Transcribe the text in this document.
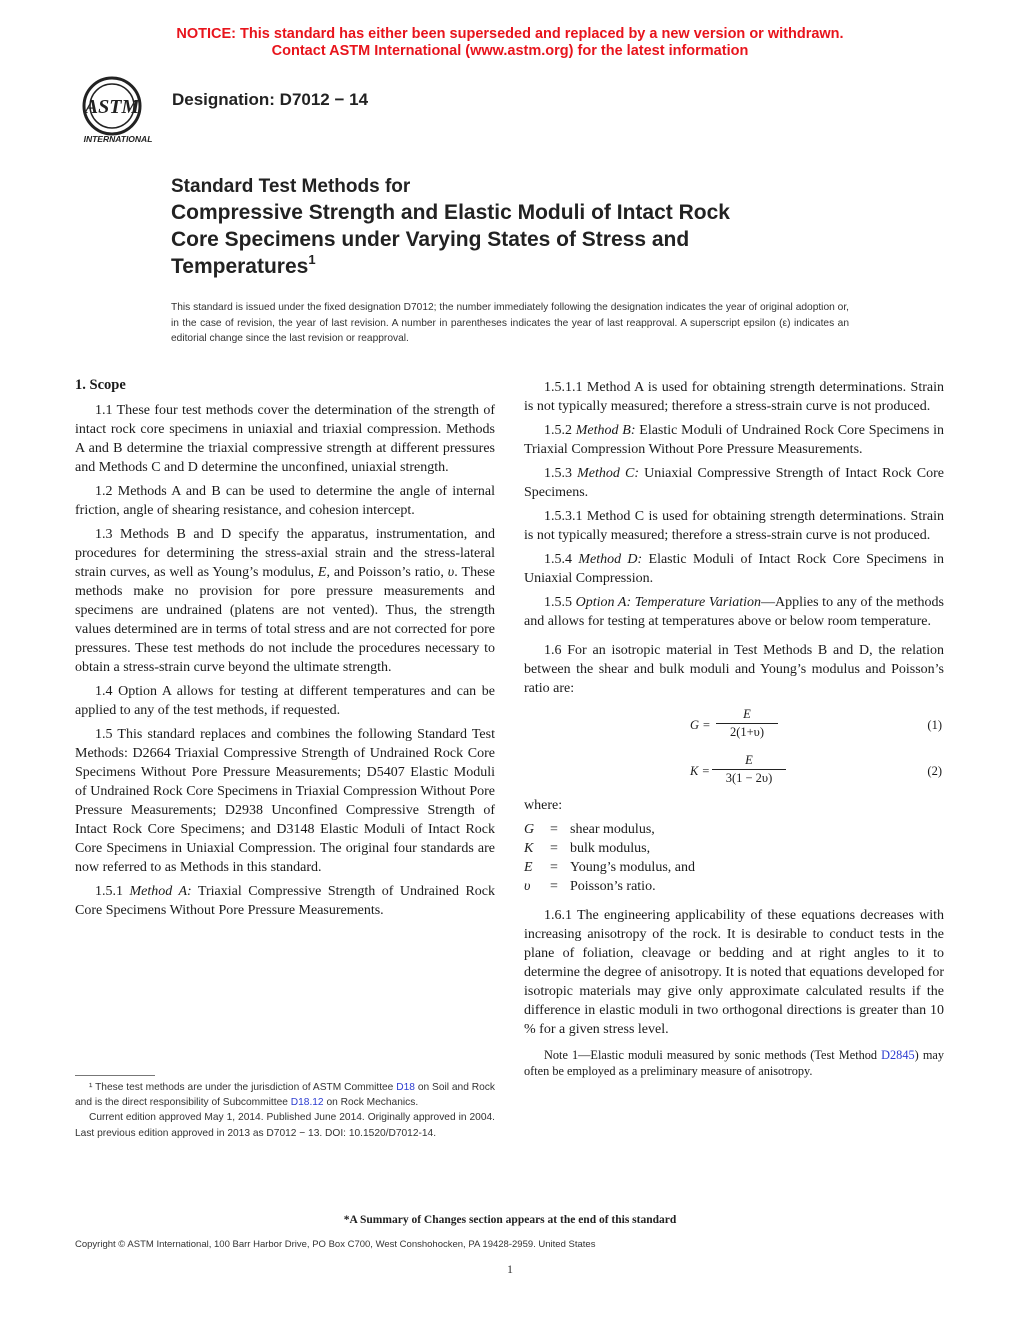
NOTICE: This standard has either been superseded and replaced by a new version or withdrawn.
Contact ASTM International (www.astm.org) for the latest information
ASTM
INTERNATIONAL
Designation: D7012 − 14
Standard Test Methods for
Compressive Strength and Elastic Moduli of Intact Rock
Core Specimens under Varying States of Stress and
Temperatures$^1$
This standard is issued under the fixed designation D7012; the number immediately following the designation indicates the year of original adoption or, in the case of revision, the year of last revision. A number in parentheses indicates the year of last reapproval. A superscript epsilon (ε) indicates an editorial change since the last revision or reapproval.
1. Scope

1.1 These four test methods cover the determination of the strength of intact rock core specimens in uniaxial and triaxial compression. Methods A and B determine the triaxial compressive strength at different pressures and Methods C and D determine the unconfined, uniaxial strength.

1.2 Methods A and B can be used to determine the angle of internal friction, angle of shearing resistance, and cohesion intercept.

1.3 Methods B and D specify the apparatus, instrumentation, and procedures for determining the stress-axial strain and the stress-lateral strain curves, as well as Young’s modulus, E, and Poisson’s ratio, υ. These methods make no provision for pore pressure measurements and specimens are undrained (platens are not vented). Thus, the strength values determined are in terms of total stress and are not corrected for pore pressures. These test methods do not include the procedures necessary to obtain a stress-strain curve beyond the ultimate strength.

1.4 Option A allows for testing at different temperatures and can be applied to any of the test methods, if requested.

1.5 This standard replaces and combines the following Standard Test Methods: D2664 Triaxial Compressive Strength of Undrained Rock Core Specimens Without Pore Pressure Measurements; D5407 Elastic Moduli of Undrained Rock Core Specimens in Triaxial Compression Without Pore Pressure Measurements; D2938 Unconfined Compressive Strength of Intact Rock Core Specimens; and D3148 Elastic Moduli of Intact Rock Core Specimens in Uniaxial Compression. The original four standards are now referred to as Methods in this standard.

1.5.1 Method A: Triaxial Compressive Strength of Undrained Rock Core Specimens Without Pore Pressure Measurements.

1.5.1.1 Method A is used for obtaining strength determinations. Strain is not typically measured; therefore a stress-strain curve is not produced.

1.5.2 Method B: Elastic Moduli of Undrained Rock Core Specimens in Triaxial Compression Without Pore Pressure Measurements.

1.5.3 Method C: Uniaxial Compressive Strength of Intact Rock Core Specimens.

1.5.3.1 Method C is used for obtaining strength determinations. Strain is not typically measured; therefore a stress-strain curve is not produced.

1.5.4 Method D: Elastic Moduli of Intact Rock Core Specimens in Uniaxial Compression.

1.5.5 Option A: Temperature Variation—Applies to any of the methods and allows for testing at temperatures above or below room temperature.

1.6 For an isotropic material in Test Methods B and D, the relation between the shear and bulk moduli and Young’s modulus and Poisson’s ratio are:

$G = \frac{E}{2(1+\upsilon)}$	(1)
$K = \frac{E}{3(1 - 2\upsilon)}$	(2)

where:

G	= shear modulus,
K	= bulk modulus,
E	= Young’s modulus, and
υ	= Poisson’s ratio.

1.6.1 The engineering applicability of these equations decreases with increasing anisotropy of the rock. It is desirable to conduct tests in the plane of foliation, cleavage or bedding and at right angles to it to determine the degree of anisotropy. It is noted that equations developed for isotropic materials may give only approximate calculated results if the difference in elastic moduli in two orthogonal directions is greater than 10 % for a given stress level.

Note 1—Elastic moduli measured by sonic methods (Test Method D2845) may often be employed as a preliminary measure of anisotropy.

¹ These test methods are under the jurisdiction of ASTM Committee D18 on Soil and Rock and is the direct responsibility of Subcommittee D18.12 on Rock Mechanics.

Current edition approved May 1, 2014. Published June 2014. Originally approved in 2004. Last previous edition approved in 2013 as D7012 − 13. DOI: 10.1520/D7012-14.

*A Summary of Changes section appears at the end of this standard
Copyright © ASTM International, 100 Barr Harbor Drive, PO Box C700, West Conshohocken, PA 19428-2959. United States
1
